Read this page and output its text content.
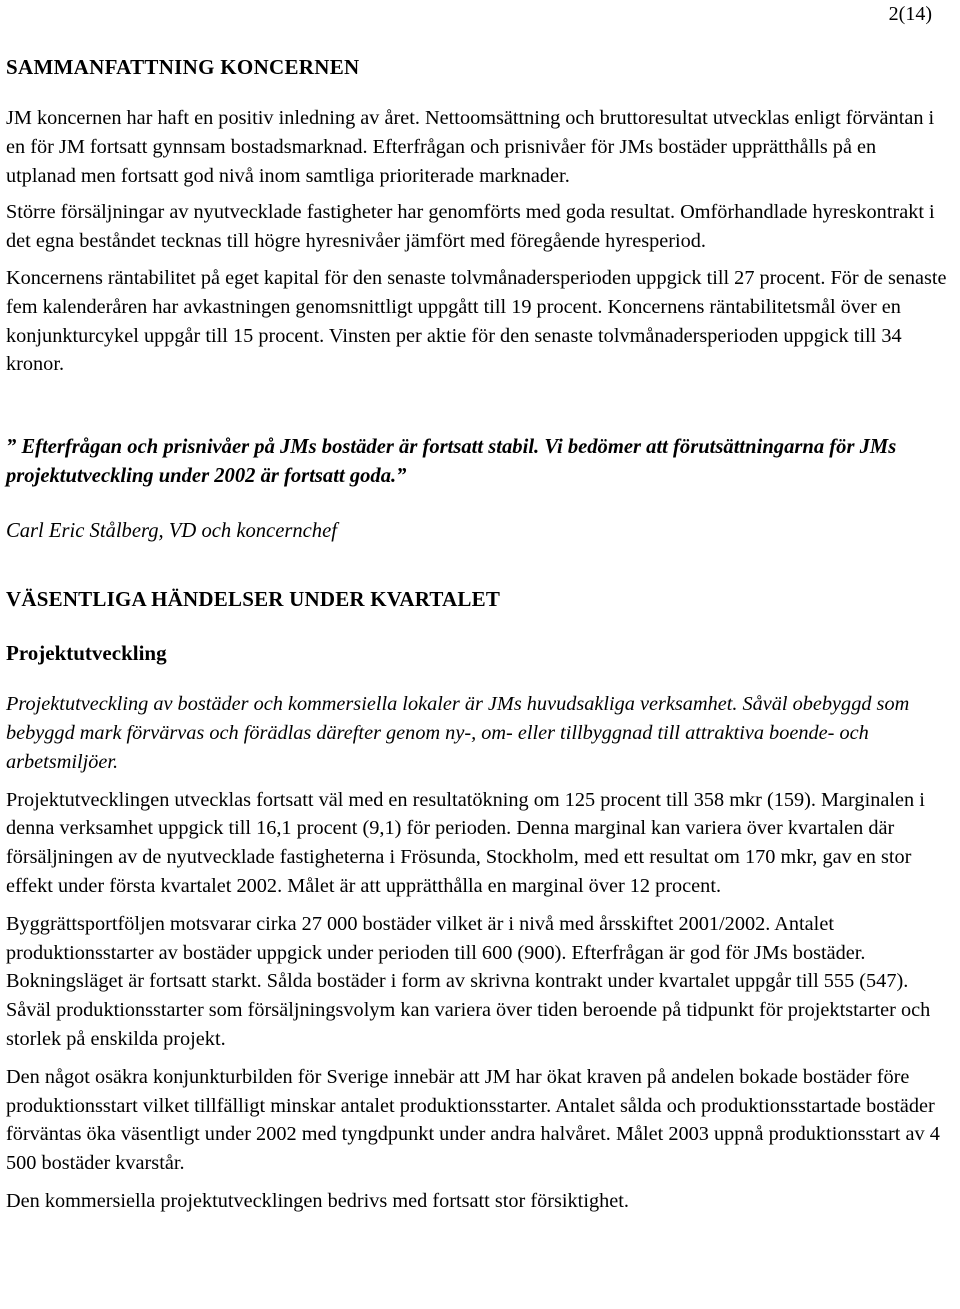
2(14)
SAMMANFATTNING KONCERNEN

JM koncernen har haft en positiv inledning av året. Nettoomsättning och bruttoresultat utvecklas enligt förväntan i en för JM fortsatt gynnsam bostadsmarknad. Efterfrågan och prisnivåer för JMs bostäder upprätthålls på en utplanad men fortsatt god nivå inom samtliga prioriterade marknader.

Större försäljningar av nyutvecklade fastigheter har genomförts med goda resultat. Omförhandlade hyreskontrakt i det egna beståndet tecknas till högre hyresnivåer jämfört med föregående hyresperiod.

Koncernens räntabilitet på eget kapital för den senaste tolvmånadersperioden uppgick till 27 procent. För de senaste fem kalenderåren har avkastningen genomsnittligt uppgått till 19 procent. Koncernens räntabilitetsmål över en konjunkturcykel uppgår till 15 procent. Vinsten per aktie för den senaste tolvmånadersperioden uppgick till 34 kronor.

” Efterfrågan och prisnivåer på JMs bostäder är fortsatt stabil. Vi bedömer att förutsättningarna för JMs projektutveckling under 2002 är fortsatt goda.”

Carl Eric Stålberg, VD och koncernchef

VÄSENTLIGA HÄNDELSER UNDER KVARTALET
Projektutveckling

Projektutveckling av bostäder och kommersiella lokaler är JMs huvudsakliga verksamhet. Såväl obebyggd som bebyggd mark förvärvas och förädlas därefter genom ny-, om- eller tillbyggnad till attraktiva boende- och arbetsmiljöer.

Projektutvecklingen utvecklas fortsatt väl med en resultatökning om 125 procent till 358 mkr (159). Marginalen i denna verksamhet uppgick till 16,1 procent (9,1) för perioden. Denna marginal kan variera över kvartalen där försäljningen av de nyutvecklade fastigheterna i Frösunda, Stockholm, med ett resultat om 170 mkr, gav en stor effekt under första kvartalet 2002. Målet är att upprätthålla en marginal över 12 procent.

Byggrättsportföljen motsvarar cirka 27 000 bostäder vilket är i nivå med årsskiftet 2001/2002. Antalet produktionsstarter av bostäder uppgick under perioden till 600 (900). Efterfrågan är god för JMs bostäder. Bokningsläget är fortsatt starkt. Sålda bostäder i form av skrivna kontrakt under kvartalet uppgår till 555 (547). Såväl produktionsstarter som försäljningsvolym kan variera över tiden beroende på tidpunkt för projektstarter och storlek på enskilda projekt.

Den något osäkra konjunkturbilden för Sverige innebär att JM har ökat kraven på andelen bokade bostäder före produktionsstart vilket tillfälligt minskar antalet produktionsstarter. Antalet sålda och produktionsstartade bostäder förväntas öka väsentligt under 2002 med tyngdpunkt under andra halvåret. Målet 2003 uppnå produktionsstart av 4 500 bostäder kvarstår.

Den kommersiella projektutvecklingen bedrivs med fortsatt stor försiktighet.
